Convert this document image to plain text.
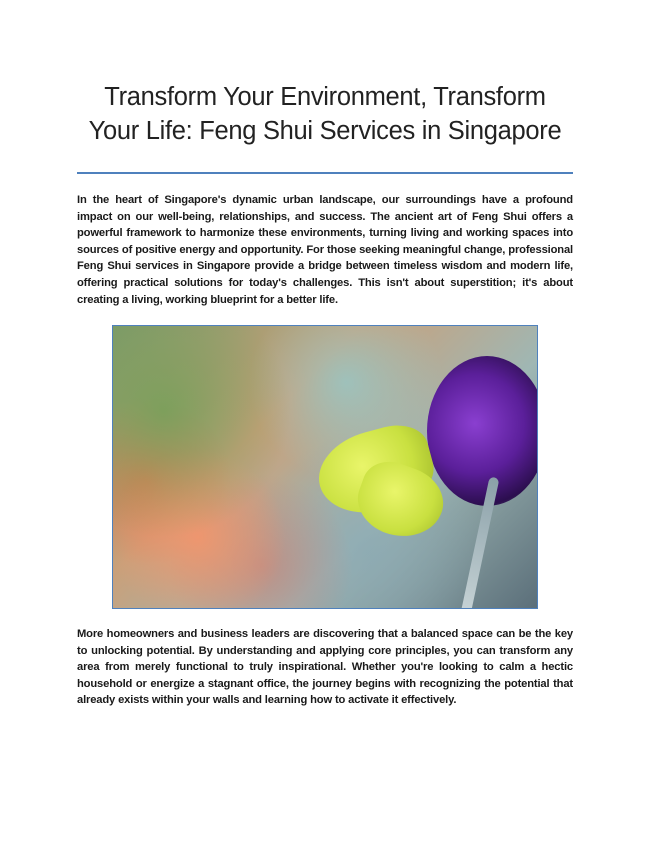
Transform Your Environment, Transform
Your Life: Feng Shui Services in Singapore

In the heart of Singapore's dynamic urban landscape, our surroundings have a profound impact on our well-being, relationships, and success. The ancient art of Feng Shui offers a powerful framework to harmonize these environments, turning living and working spaces into sources of positive energy and opportunity. For those seeking meaningful change, professional Feng Shui services in Singapore provide a bridge between timeless wisdom and modern life, offering practical solutions for today's challenges. This isn't about superstition; it's about creating a living, working blueprint for a better life.

More homeowners and business leaders are discovering that a balanced space can be the key to unlocking potential. By understanding and applying core principles, you can transform any area from merely functional to truly inspirational. Whether you're looking to calm a hectic household or energize a stagnant office, the journey begins with recognizing the potential that already exists within your walls and learning how to activate it effectively.
